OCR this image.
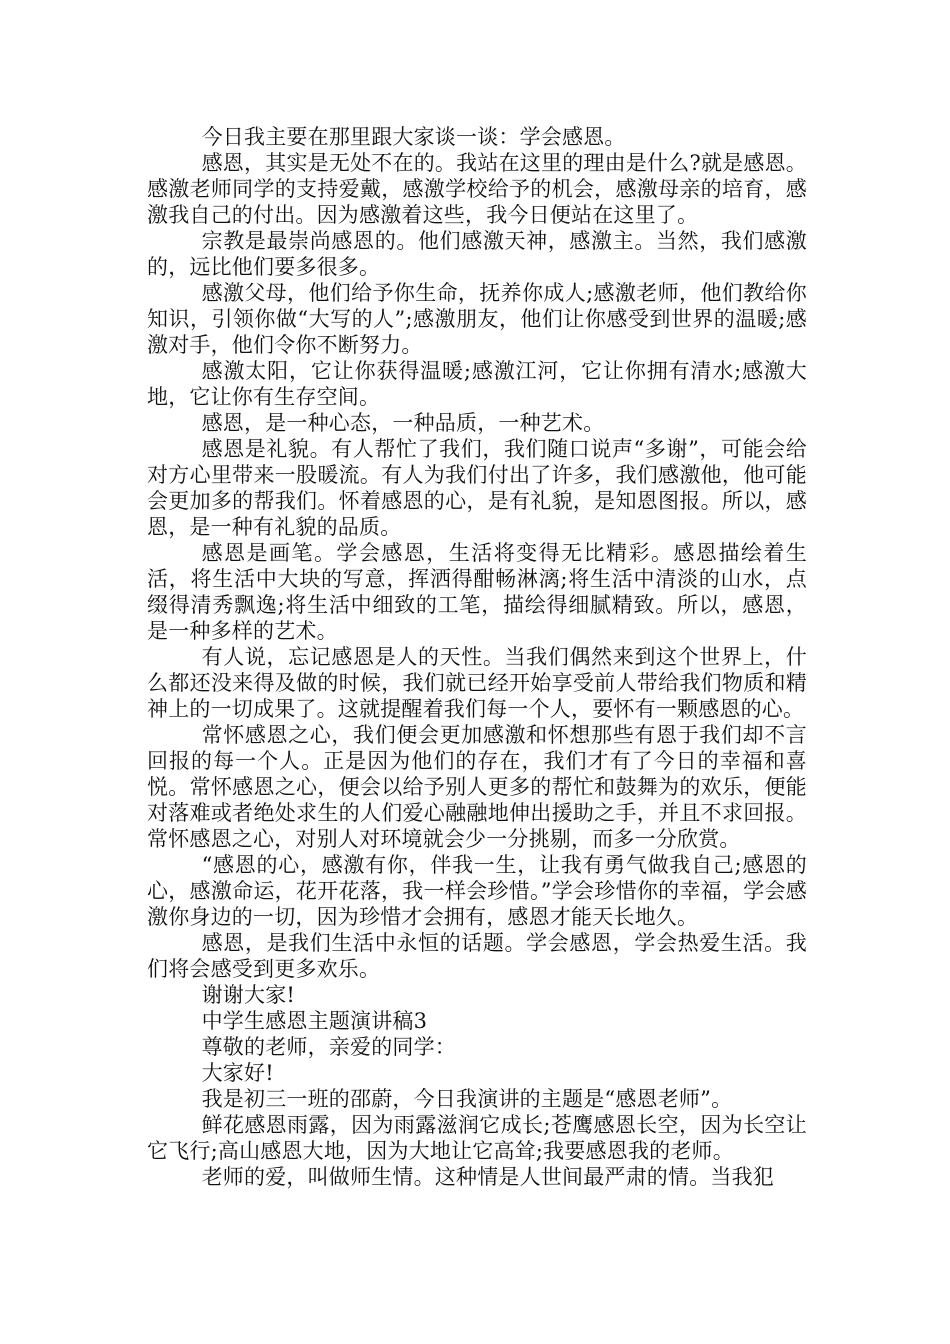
今日我主要在那里跟大家谈一谈：学会感恩。

感恩，其实是无处不在的。我站在这里的理由是什么?就是感恩。感激老师同学的支持爱戴，感激学校给予的机会，感激母亲的培育，感激我自己的付出。因为感激着这些，我今日便站在这里了。

宗教是最崇尚感恩的。他们感激天神，感激主。当然，我们感激的，远比他们要多很多。

感激父母，他们给予你生命，抚养你成人;感激老师，他们教给你知识，引领你做“大写的人”;感激朋友，他们让你感受到世界的温暖;感激对手，他们令你不断努力。

感激太阳，它让你获得温暖;感激江河，它让你拥有清水;感激大地，它让你有生存空间。

感恩，是一种心态，一种品质，一种艺术。

感恩是礼貌。有人帮忙了我们，我们随口说声“多谢”，可能会给对方心里带来一股暖流。有人为我们付出了许多，我们感激他，他可能会更加多的帮我们。怀着感恩的心，是有礼貌，是知恩图报。所以，感恩，是一种有礼貌的品质。

感恩是画笔。学会感恩，生活将变得无比精彩。感恩描绘着生活，将生活中大块的写意，挥洒得酣畅淋漓;将生活中清淡的山水，点缀得清秀飘逸;将生活中细致的工笔，描绘得细腻精致。所以，感恩，是一种多样的艺术。

有人说，忘记感恩是人的天性。当我们偶然来到这个世界上，什么都还没来得及做的时候，我们就已经开始享受前人带给我们物质和精神上的一切成果了。这就提醒着我们每一个人，要怀有一颗感恩的心。

常怀感恩之心，我们便会更加感激和怀想那些有恩于我们却不言回报的每一个人。正是因为他们的存在，我们才有了今日的幸福和喜悦。常怀感恩之心，便会以给予别人更多的帮忙和鼓舞为的欢乐，便能对落难或者绝处求生的人们爱心融融地伸出援助之手，并且不求回报。常怀感恩之心，对别人对环境就会少一分挑剔，而多一分欣赏。

“感恩的心，感激有你，伴我一生，让我有勇气做我自己;感恩的心，感激命运，花开花落，我一样会珍惜。”学会珍惜你的幸福，学会感激你身边的一切，因为珍惜才会拥有，感恩才能天长地久。

感恩，是我们生活中永恒的话题。学会感恩，学会热爱生活。我们将会感受到更多欢乐。

谢谢大家!

中学生感恩主题演讲稿3

尊敬的老师，亲爱的同学：

大家好!

我是初三一班的邵蔚，今日我演讲的主题是“感恩老师”。

鲜花感恩雨露，因为雨露滋润它成长;苍鹰感恩长空，因为长空让它飞行;高山感恩大地，因为大地让它高耸;我要感恩我的老师。

老师的爱，叫做师生情。这种情是人世间最严肃的情。当我犯
